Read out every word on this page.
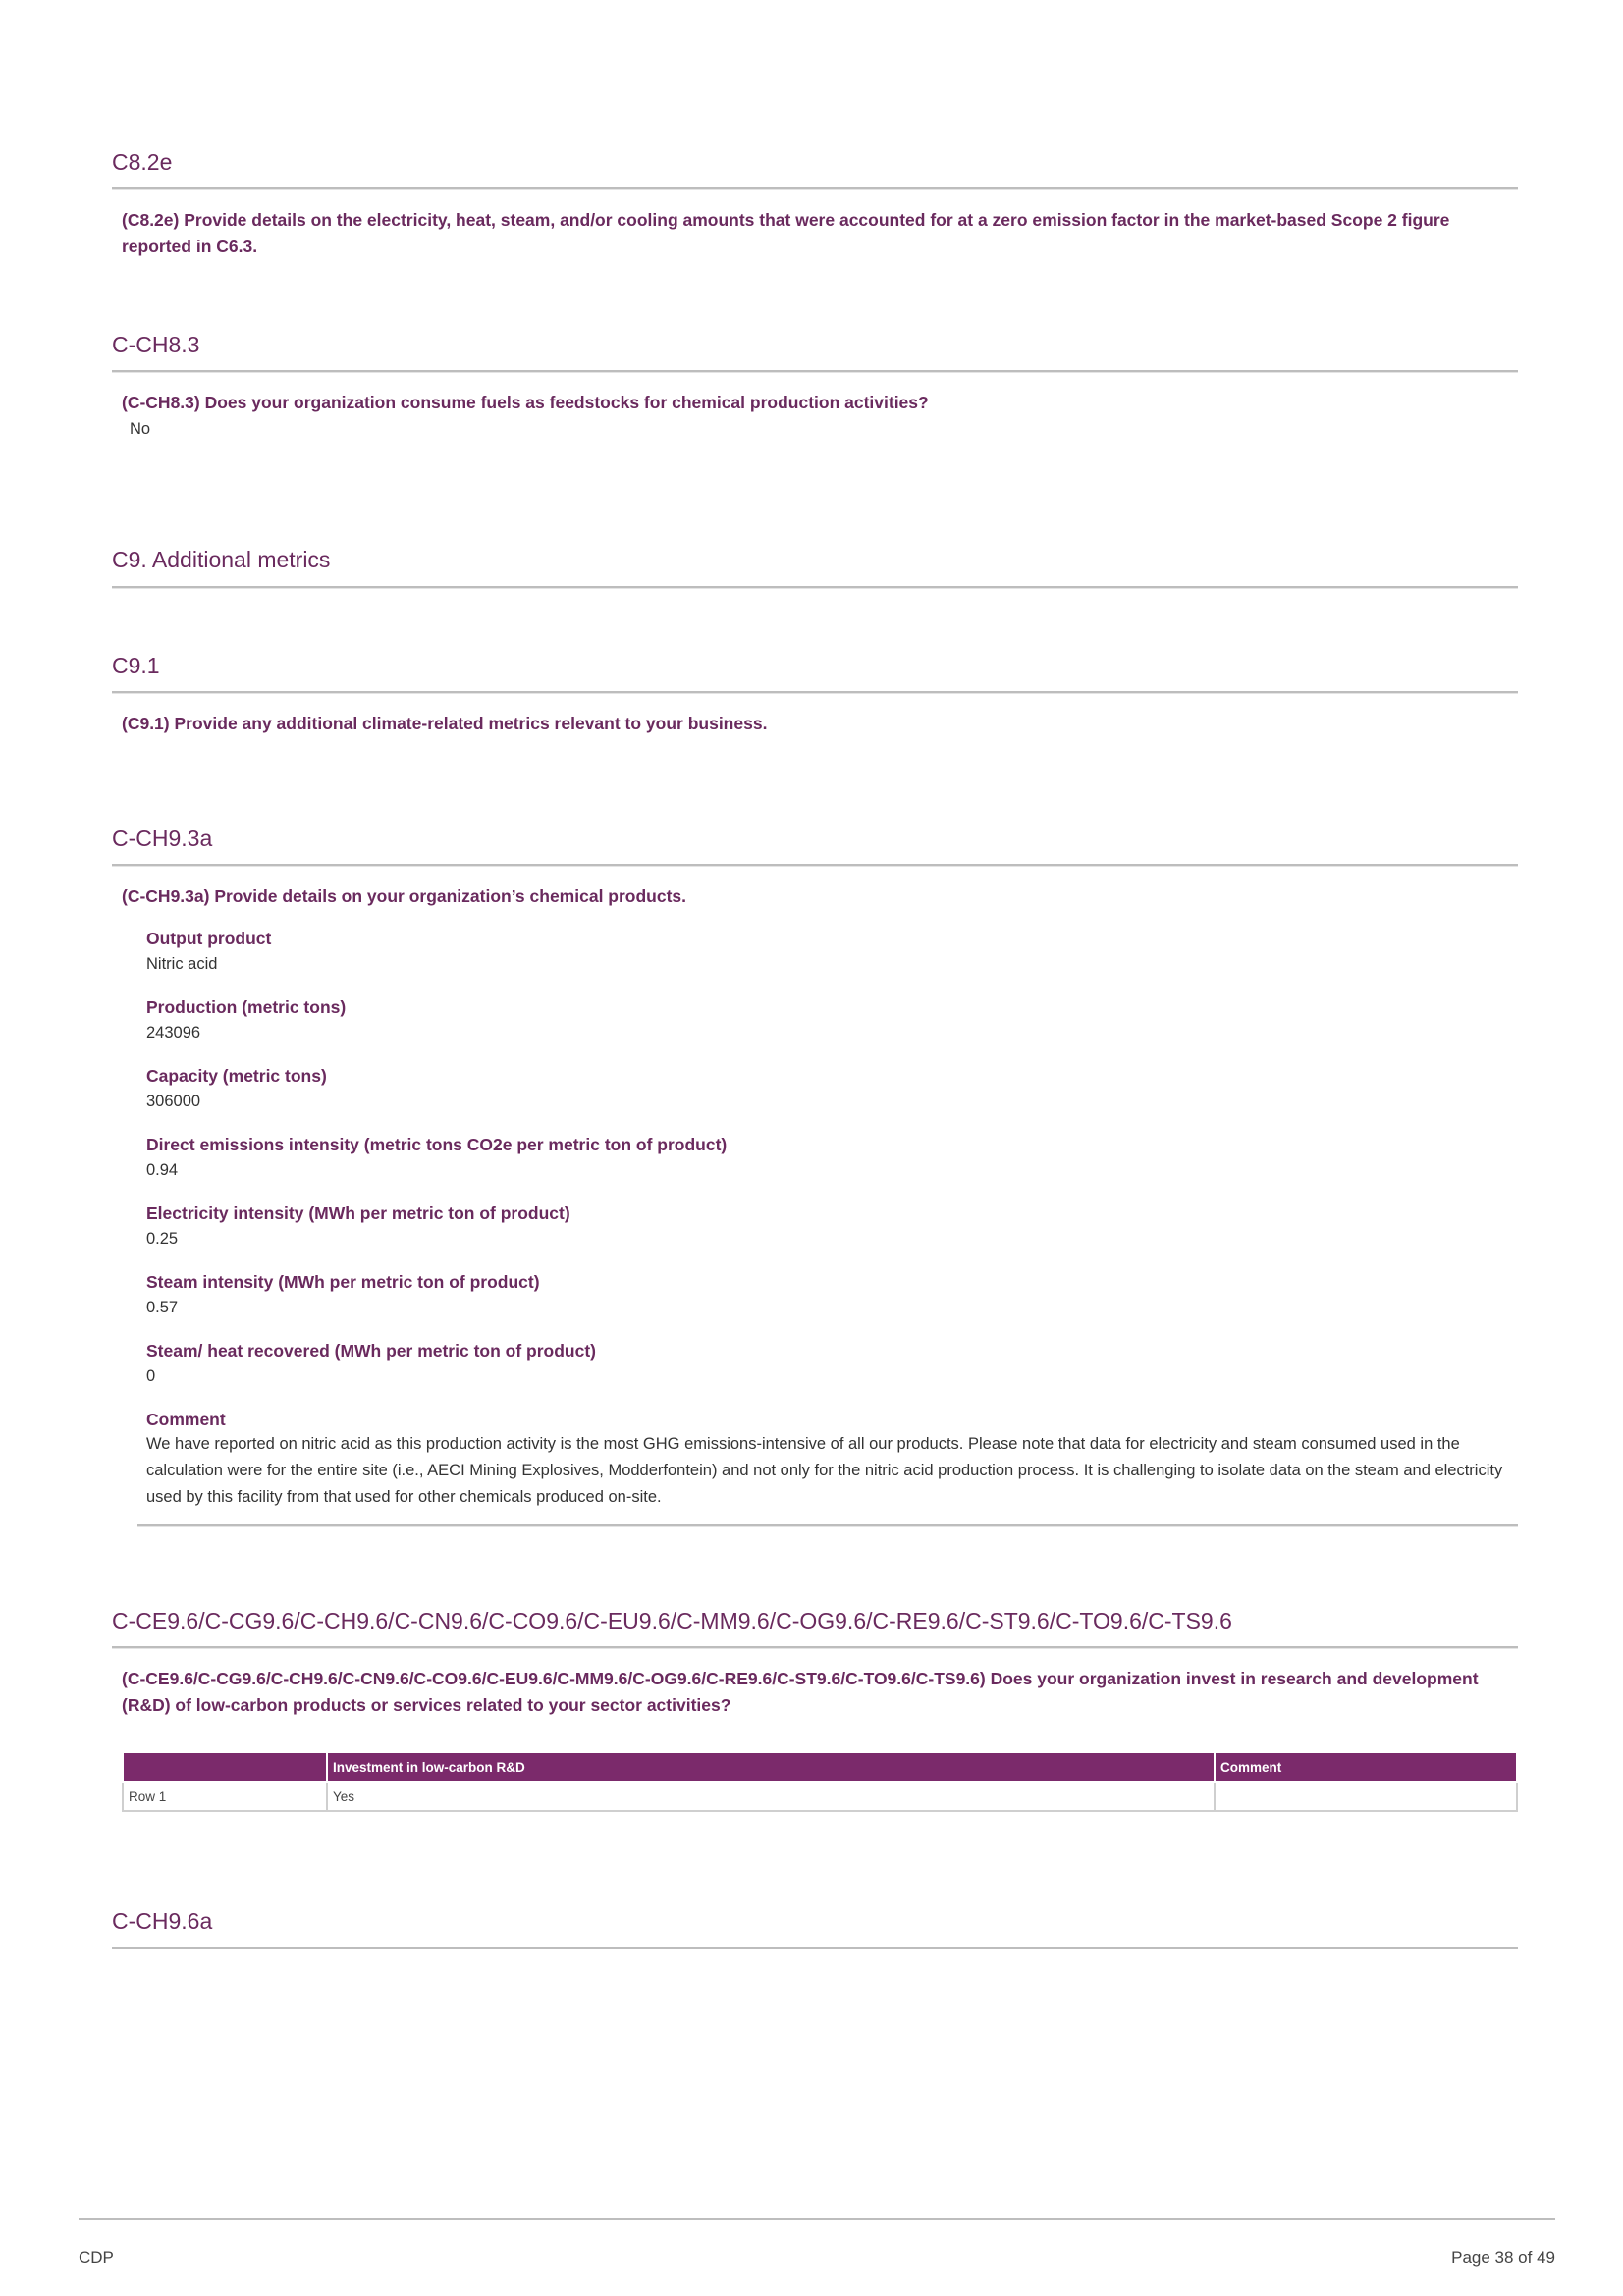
C8.2e
(C8.2e) Provide details on the electricity, heat, steam, and/or cooling amounts that were accounted for at a zero emission factor in the market-based Scope 2 figure reported in C6.3.
C-CH8.3
(C-CH8.3) Does your organization consume fuels as feedstocks for chemical production activities?
No
C9. Additional metrics
C9.1
(C9.1) Provide any additional climate-related metrics relevant to your business.
C-CH9.3a
(C-CH9.3a) Provide details on your organization’s chemical products.
Output product
Nitric acid
Production (metric tons)
243096
Capacity (metric tons)
306000
Direct emissions intensity (metric tons CO2e per metric ton of product)
0.94
Electricity intensity (MWh per metric ton of product)
0.25
Steam intensity (MWh per metric ton of product)
0.57
Steam/ heat recovered (MWh per metric ton of product)
0
Comment
We have reported on nitric acid as this production activity is the most GHG emissions-intensive of all our products. Please note that data for electricity and steam consumed used in the calculation were for the entire site (i.e., AECI Mining Explosives, Modderfontein) and not only for the nitric acid production process. It is challenging to isolate data on the steam and electricity used by this facility from that used for other chemicals produced on-site.
C-CE9.6/C-CG9.6/C-CH9.6/C-CN9.6/C-CO9.6/C-EU9.6/C-MM9.6/C-OG9.6/C-RE9.6/C-ST9.6/C-TO9.6/C-TS9.6
(C-CE9.6/C-CG9.6/C-CH9.6/C-CN9.6/C-CO9.6/C-EU9.6/C-MM9.6/C-OG9.6/C-RE9.6/C-ST9.6/C-TO9.6/C-TS9.6) Does your organization invest in research and development (R&D) of low-carbon products or services related to your sector activities?
	Investment in low-carbon R&D	Comment
Row 1	Yes	
C-CH9.6a
CDP	Page 38 of 49
